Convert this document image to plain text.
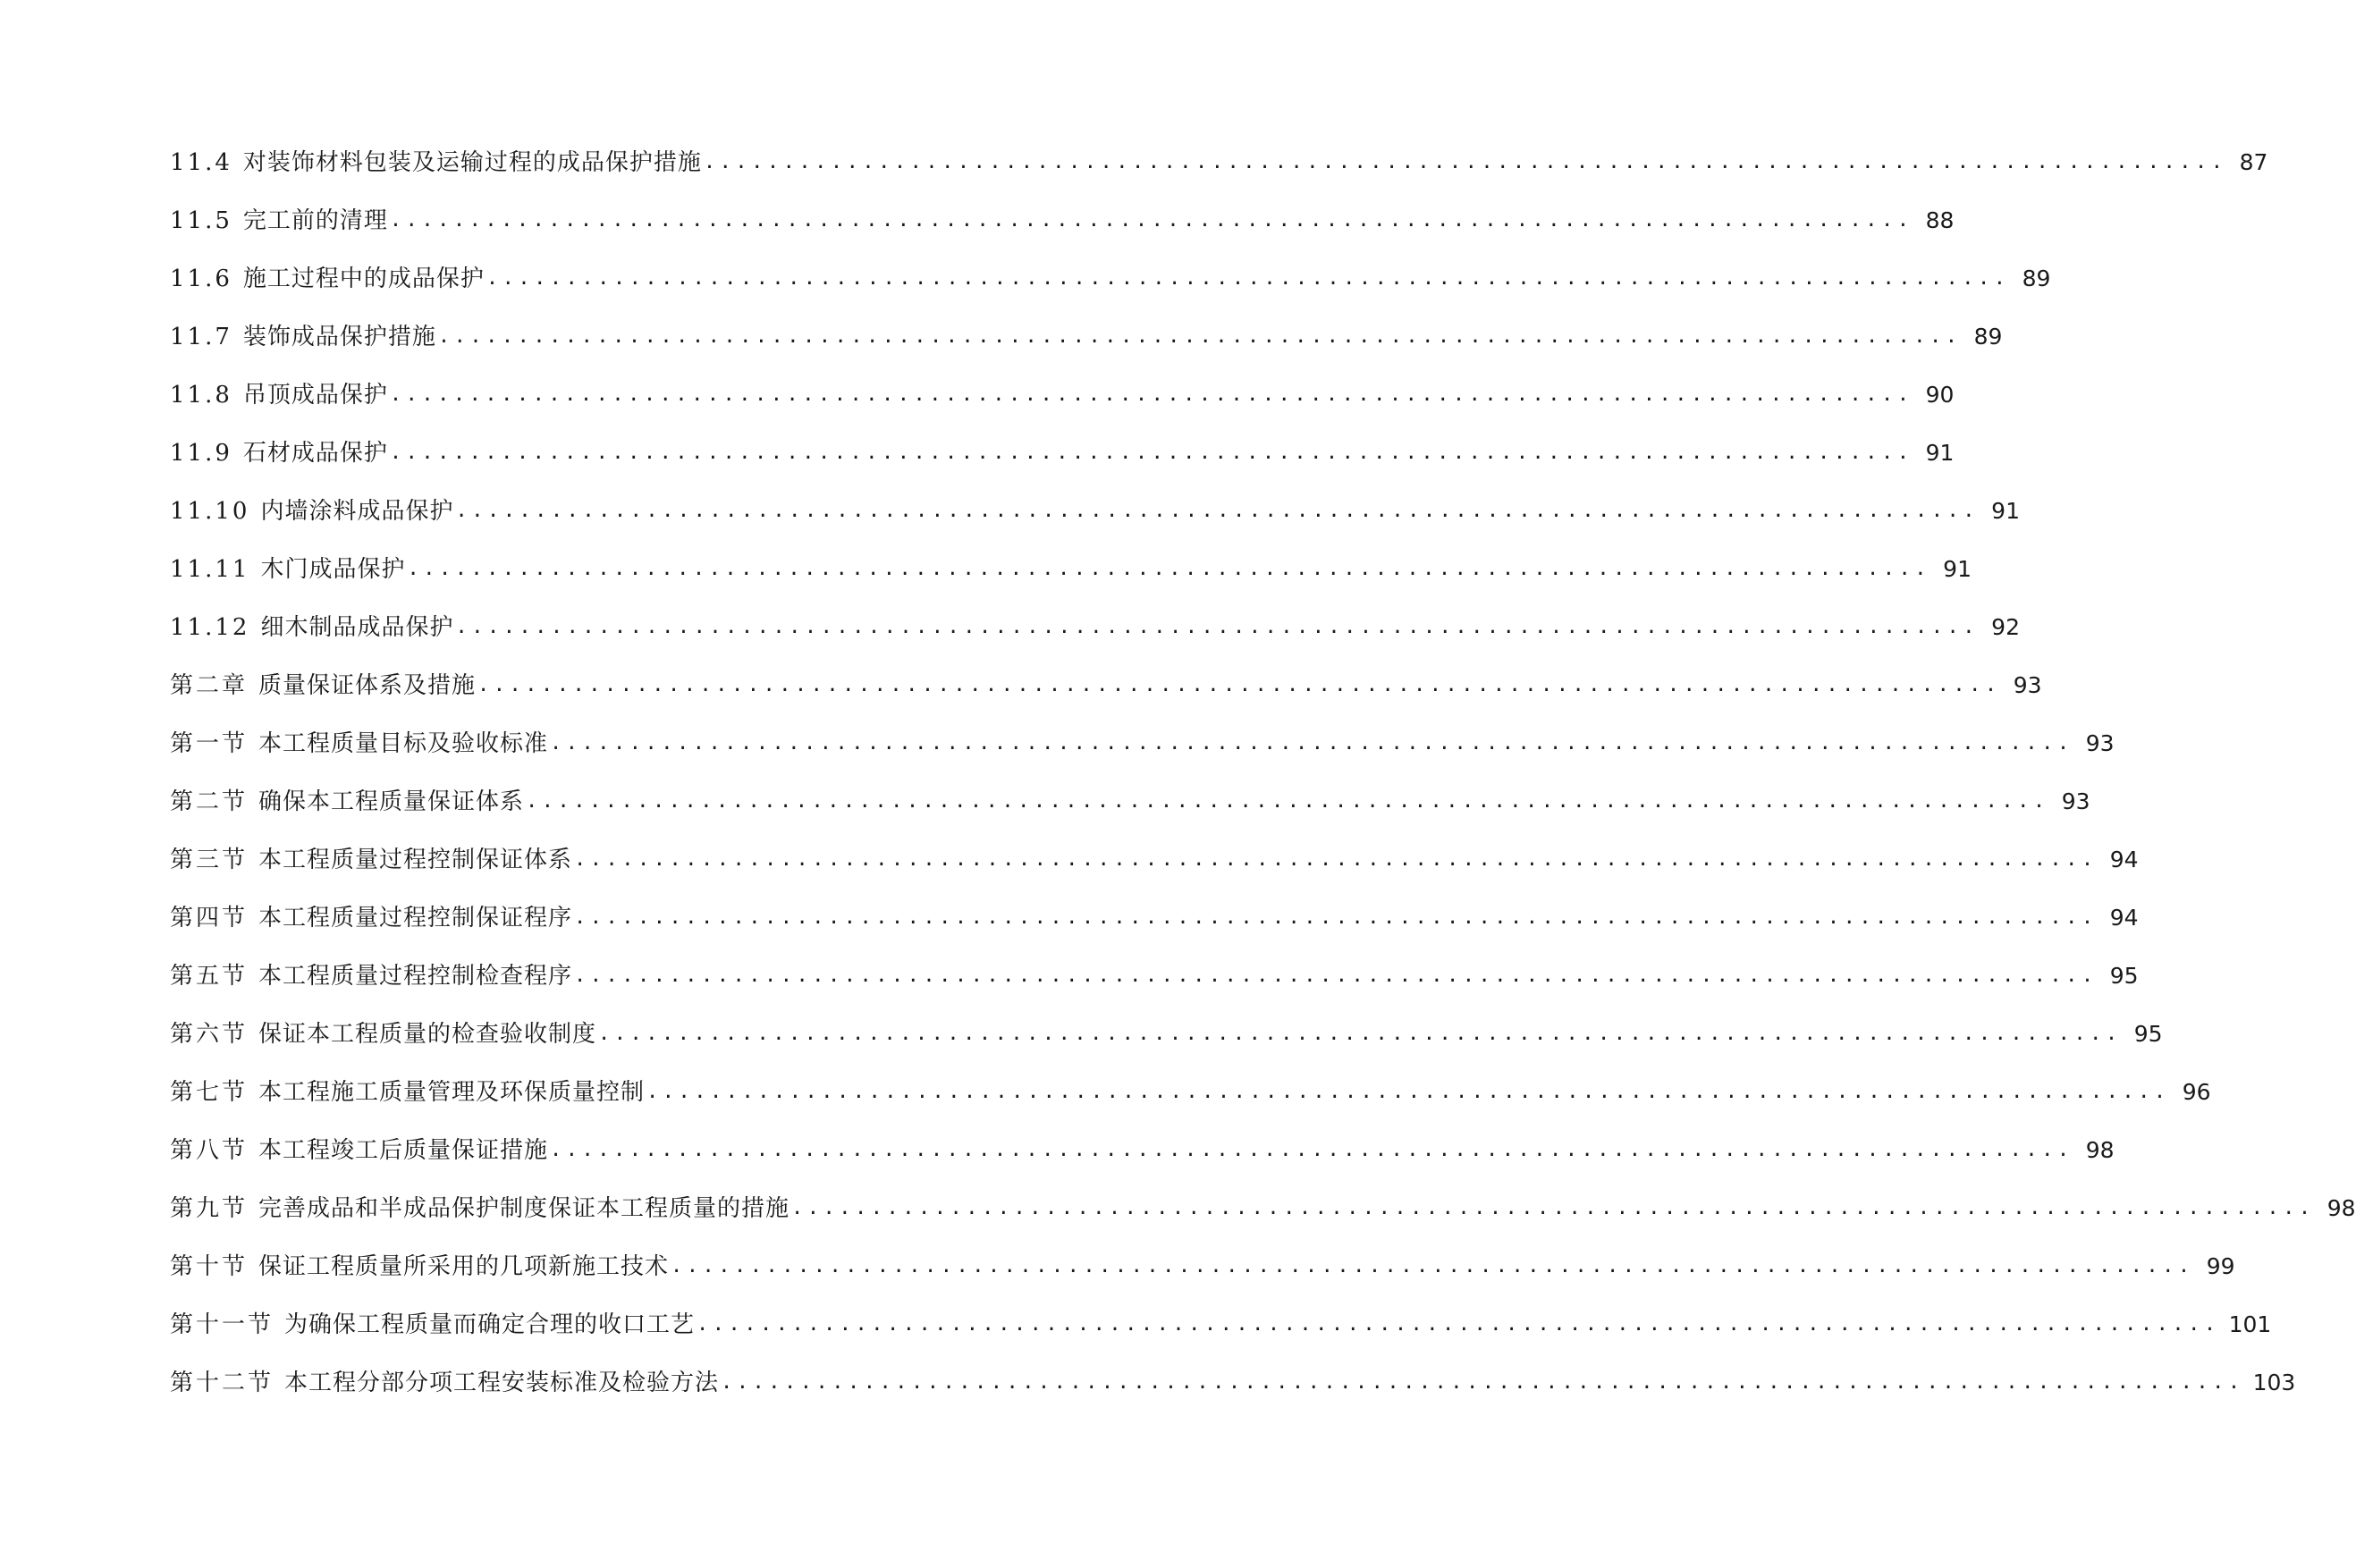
11.4 对装饰材料包装及运输过程的成品保护措施 ................................................................................................ 87
11.5 完工前的清理 ................................................................................................ 88
11.6 施工过程中的成品保护 ................................................................................................ 89
11.7 装饰成品保护措施 ................................................................................................ 89
11.8 吊顶成品保护 ................................................................................................ 90
11.9 石材成品保护 ................................................................................................ 91
11.10 内墙涂料成品保护 ................................................................................................ 91
11.11 木门成品保护 ................................................................................................ 91
11.12 细木制品成品保护 ................................................................................................ 92
第二章 质量保证体系及措施 ................................................................................................ 93
第一节 本工程质量目标及验收标准 ................................................................................................ 93
第二节 确保本工程质量保证体系 ................................................................................................ 93
第三节 本工程质量过程控制保证体系 ................................................................................................ 94
第四节 本工程质量过程控制保证程序 ................................................................................................ 94
第五节 本工程质量过程控制检查程序 ................................................................................................ 95
第六节 保证本工程质量的检查验收制度 ................................................................................................ 95
第七节 本工程施工质量管理及环保质量控制 ................................................................................................ 96
第八节 本工程竣工后质量保证措施 ................................................................................................ 98
第九节 完善成品和半成品保护制度保证本工程质量的措施 ................................................................................................ 98
第十节 保证工程质量所采用的几项新施工技术 ................................................................................................ 99
第十一节 为确保工程质量而确定合理的收口工艺 ................................................................................................ 101
第十二节 本工程分部分项工程安装标准及检验方法 ................................................................................................ 103
